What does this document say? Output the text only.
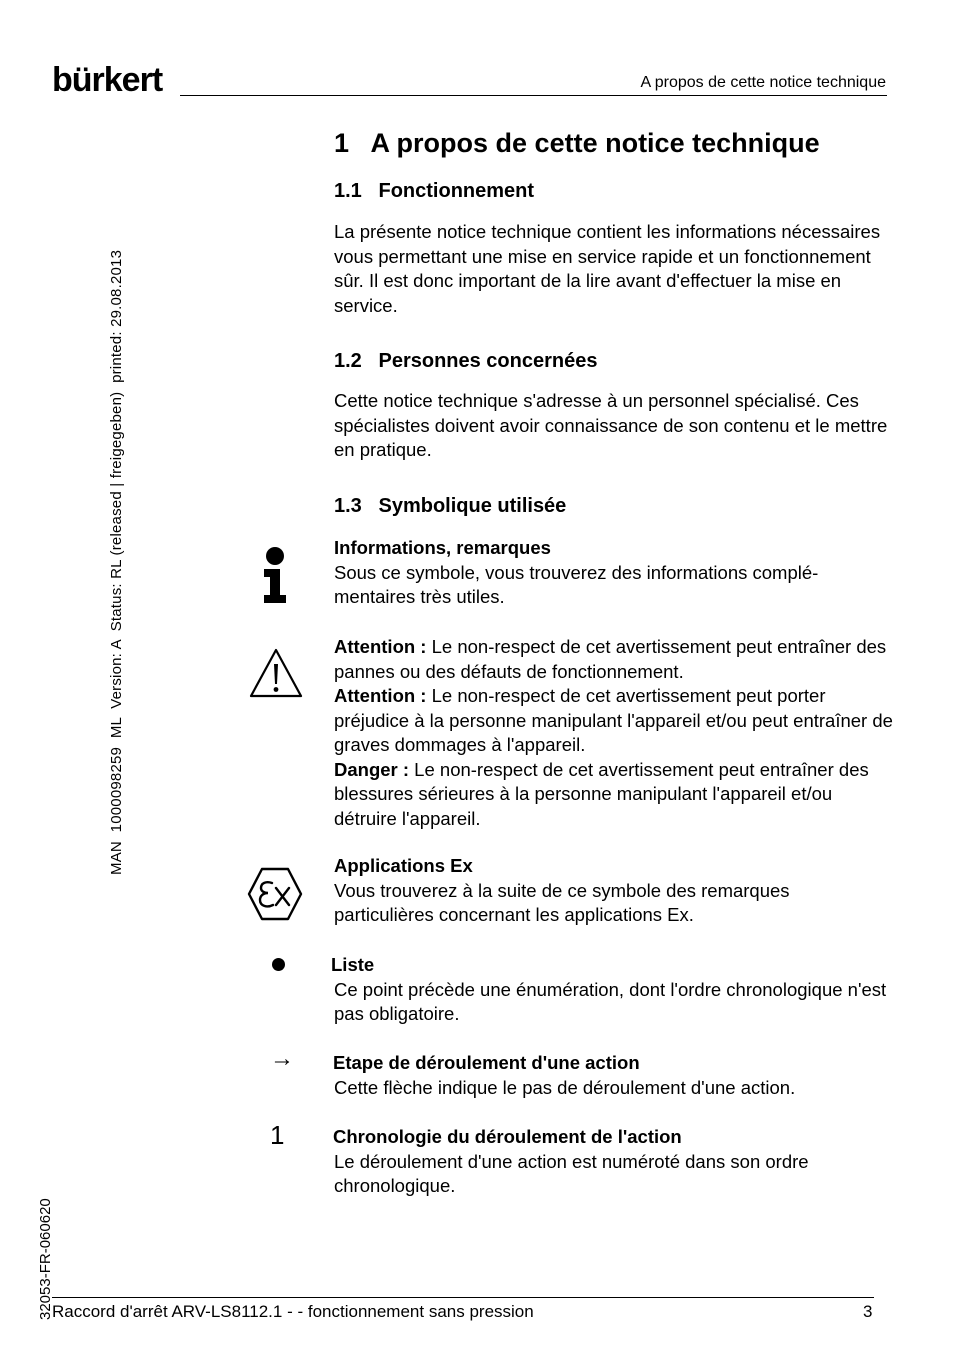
bürkert	A propos de cette notice technique
MAN  1000098259  ML  Version: A  Status: RL (released | freigegeben)  printed: 29.08.2013
32053-FR-060620
1 A propos de cette notice technique
1.1 Fonctionnement
La présente notice technique contient les informations nécessaires vous permettant une mise en service rapide et un fonctionnement sûr. Il est donc important de la lire avant d'effectuer la mise en service.
1.2 Personnes concernées
Cette notice technique s'adresse à un personnel spécialisé. Ces spécialistes doivent avoir connaissance de son contenu et le mettre en pratique.
1.3 Symbolique utilisée

Informations, remarques

Sous ce symbole, vous trouverez des informations complé-mentaires très utiles.

Attention : Le non-respect de cet avertissement peut entraîner des pannes ou des défauts de fonctionnement.

Attention : Le non-respect de cet avertissement peut porter préjudice à la personne manipulant l'appareil et/ou peut entraîner de graves dommages à l'appareil.

Danger : Le non-respect de cet avertissement peut entraîner des blessures sérieures à la personne manipulant l'appareil et/ou détruire l'appareil.

Applications Ex

Vous trouverez à la suite de ce symbole des remarques particulières concernant les applications Ex.

Liste

Ce point précède une énumération, dont l'ordre chronologique n'est pas obligatoire.

→ Etape de déroulement d'une action

Cette flèche indique le pas de déroulement d'une action.

1	Chronologie du déroulement de l'action

Le déroulement d'une action est numéroté dans son ordre chronologique.

Raccord d'arrêt ARV-LS8112.1 - - fonctionnement sans pression	3
